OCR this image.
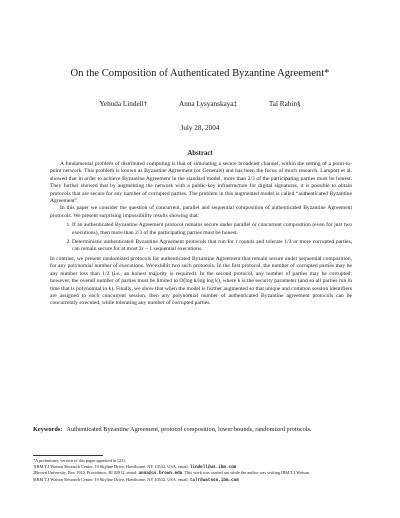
On the Composition of Authenticated Byzantine Agreement*
Yehuda Lindell†	Anna Lysyanskaya‡	Tal Rabin§
July 28, 2004
Abstract

A fundamental problem of distributed computing is that of simulating a secure broadcast channel, within the setting of a point-to-point network. This problem is known as Byzantine Agreement (or Generals) and has been the focus of much research. Lamport et al. showed that in order to achieve Byzantine Agreement in the standard model, more than 2/3 of the participating parties must be honest. They further showed that by augmenting the network with a public-key infrastructure for digital signatures, it is possible to obtain protocols that are secure for any number of corrupted parties. The problem in this augmented model is called “authenticated Byzantine Agreement”.

In this paper we consider the question of concurrent, parallel and sequential composition of authenticated Byzantine Agreement protocols. We present surprising impossibility results showing that:

1. If an authenticated Byzantine Agreement protocol remains secure under parallel or concurrent composition (even for just two executions), then more than 2/3 of the participating parties must be honest.
2. Deterministic authenticated Byzantine Agreement protocols that run for r rounds and tolerate 1/3 or more corrupted parties, can remain secure for at most 2r − 1 sequential executions.

In contrast, we present randomized protocols for authenticated Byzantine Agreement that remain secure under sequential composition, for any polynomial number of executions. We exhibit two such protocols. In the first protocol, the number of corrupted parties may be any number less than 1/2 (i.e., an honest majority is required). In the second protocol, any number of parties may be corrupted; however, the overall number of parties must be limited to O(log k/log log k), where k is the security parameter (and so all parties run in time that is polynomial in k). Finally, we show that when the model is further augmented so that unique and common session identifiers are assigned to each concurrent session, then any polynomial number of authenticated Byzantine agreement protocols can be concurrently executed, while tolerating any number of corrupted parties.

Keywords: Authenticated Byzantine Agreement, protocol composition, lower bounds, randomized protocols.
*A preliminary version of this paper appeared in [22].
†IBM T.J.Watson Research Center, 19 Skyline Drive, Hawthorne, NY 10532, USA. email: lindell@us.ibm.com
‡Brown University, Box 1910, Providence, RI 02912. email: anna@cs.brown.edu. This work was carried out while the author was visiting IBM T.J.Watson.
§IBM T.J.Watson Research Center, 19 Skyline Drive, Hawthorne, NY 10532, USA. email: talr@watson.ibm.com
